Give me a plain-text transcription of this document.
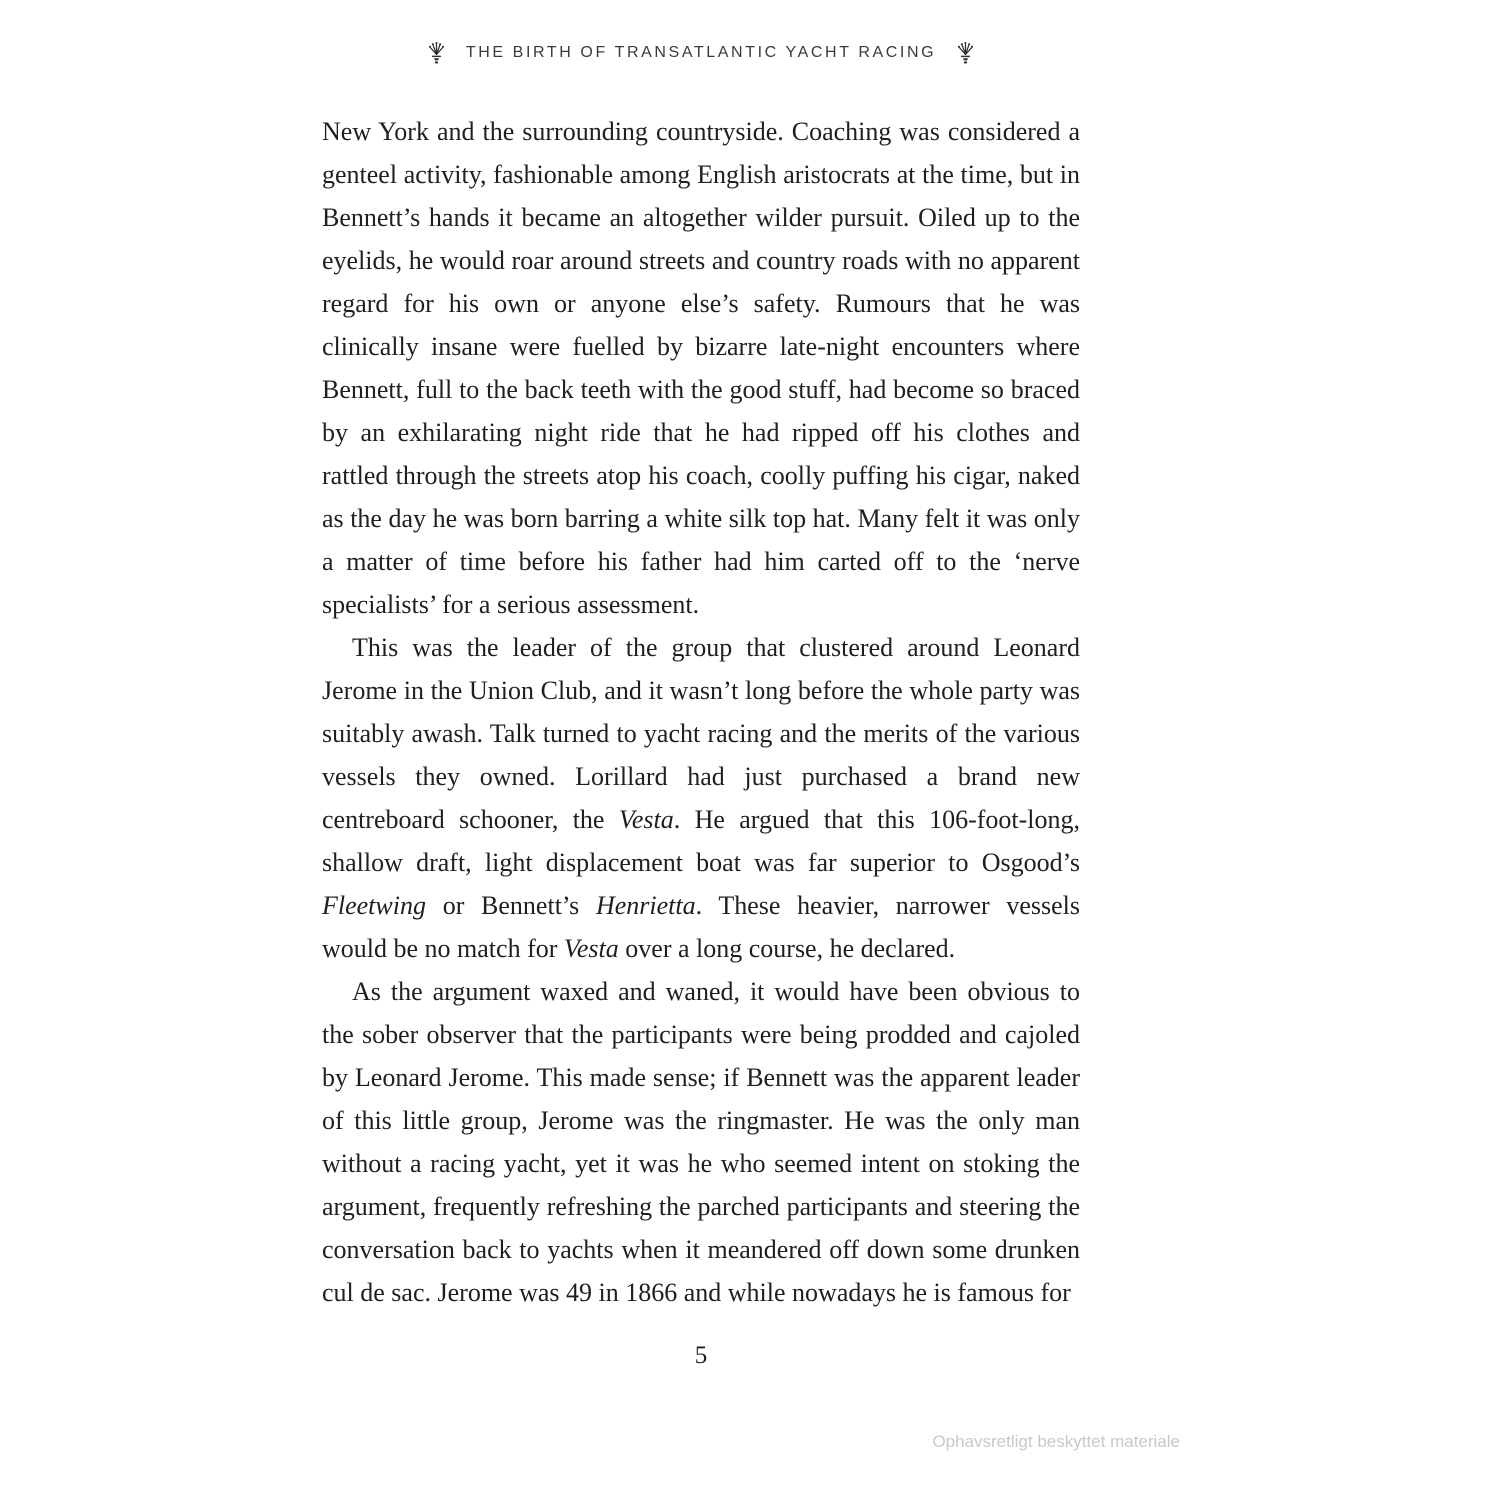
THE BIRTH OF TRANSATLANTIC YACHT RACING

New York and the surrounding countryside. Coaching was considered a genteel activity, fashionable among English aristocrats at the time, but in Bennett’s hands it became an altogether wilder pursuit. Oiled up to the eyelids, he would roar around streets and country roads with no apparent regard for his own or anyone else’s safety. Rumours that he was clinically insane were fuelled by bizarre late-night encounters where Bennett, full to the back teeth with the good stuff, had become so braced by an exhilarating night ride that he had ripped off his clothes and rattled through the streets atop his coach, coolly puffing his cigar, naked as the day he was born barring a white silk top hat. Many felt it was only a matter of time before his father had him carted off to the ‘nerve specialists’ for a serious assessment.

This was the leader of the group that clustered around Leonard Jerome in the Union Club, and it wasn’t long before the whole party was suitably awash. Talk turned to yacht racing and the merits of the various vessels they owned. Lorillard had just purchased a brand new centreboard schooner, the Vesta. He argued that this 106-foot-long, shallow draft, light displacement boat was far superior to Osgood’s Fleetwing or Bennett’s Henrietta. These heavier, narrower vessels would be no match for Vesta over a long course, he declared.

As the argument waxed and waned, it would have been obvious to the sober observer that the participants were being prodded and cajoled by Leonard Jerome. This made sense; if Bennett was the apparent leader of this little group, Jerome was the ringmaster. He was the only man without a racing yacht, yet it was he who seemed intent on stoking the argument, frequently refreshing the parched participants and steering the conversation back to yachts when it meandered off down some drunken cul de sac. Jerome was 49 in 1866 and while nowadays he is famous for

5
Ophavsretligt beskyttet materiale
